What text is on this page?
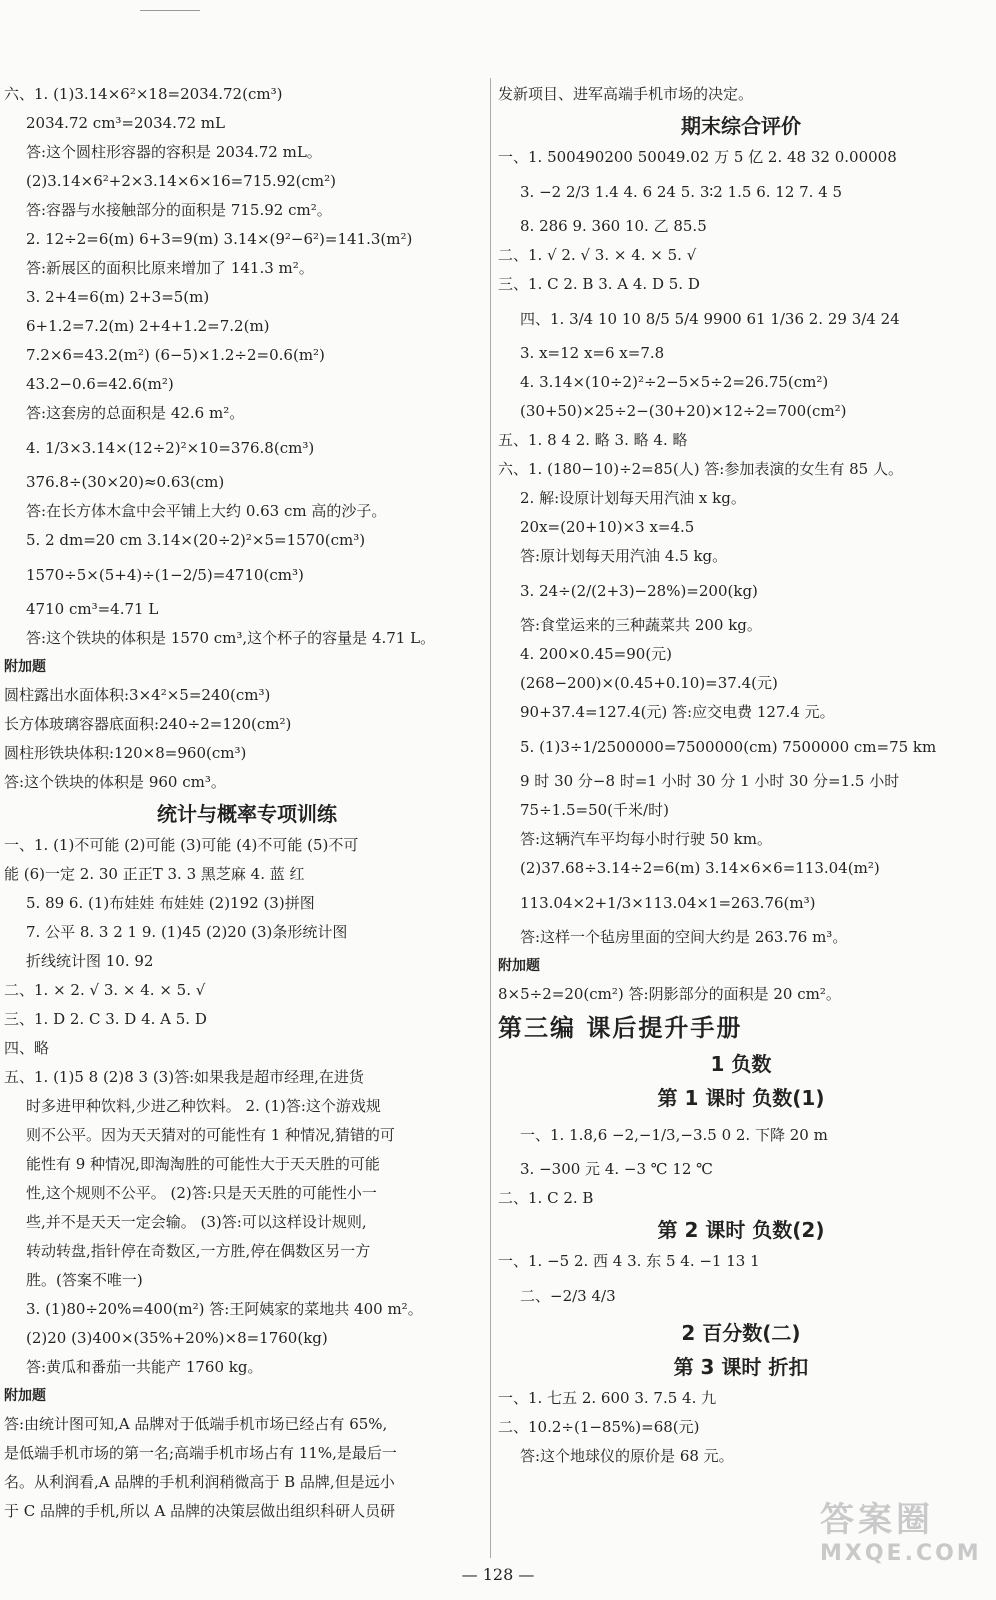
六、1. (1)3.14×6²×18=2034.72(cm³)
2034.72 cm³=2034.72 mL
答:这个圆柱形容器的容积是 2034.72 mL。
(2)3.14×6²+2×3.14×6×16=715.92(cm²)
答:容器与水接触部分的面积是 715.92 cm²。
2. 12÷2=6(m) 6+3=9(m) 3.14×(9²−6²)=141.3(m²)
答:新展区的面积比原来增加了 141.3 m²。
3. 2+4=6(m) 2+3=5(m)
6+1.2=7.2(m) 2+4+1.2=7.2(m)
7.2×6=43.2(m²) (6−5)×1.2÷2=0.6(m²)
43.2−0.6=42.6(m²)
答:这套房的总面积是 42.6 m²。
4. 1/3×3.14×(12÷2)²×10=376.8(cm³)
376.8÷(30×20)≈0.63(cm)
答:在长方体木盒中会平铺上大约 0.63 cm 高的沙子。
5. 2 dm=20 cm 3.14×(20÷2)²×5=1570(cm³)
1570÷5×(5+4)÷(1−2/5)=4710(cm³)
4710 cm³=4.71 L
答:这个铁块的体积是 1570 cm³,这个杯子的容量是 4.71 L。
附加题
圆柱露出水面体积:3×4²×5=240(cm³)
长方体玻璃容器底面积:240÷2=120(cm²)
圆柱形铁块体积:120×8=960(cm³)
答:这个铁块的体积是 960 cm³。
统计与概率专项训练
一、1. (1)不可能 (2)可能 (3)可能 (4)不可能 (5)不可
能 (6)一定 2. 30 正正T 3. 3 黑芝麻 4. 蓝 红
5. 89 6. (1)布娃娃 布娃娃 (2)192 (3)拼图
7. 公平 8. 3 2 1 9. (1)45 (2)20 (3)条形统计图
折线统计图 10. 92
二、1. × 2. √ 3. × 4. × 5. √
三、1. D 2. C 3. D 4. A 5. D
四、略
五、1. (1)5 8 (2)8 3 (3)答:如果我是超市经理,在进货
时多进甲种饮料,少进乙种饮料。 2. (1)答:这个游戏规
则不公平。因为天天猜对的可能性有 1 种情况,猜错的可
能性有 9 种情况,即淘淘胜的可能性大于天天胜的可能
性,这个规则不公平。 (2)答:只是天天胜的可能性小一
些,并不是天天一定会输。 (3)答:可以这样设计规则,
转动转盘,指针停在奇数区,一方胜,停在偶数区另一方
胜。(答案不唯一)
3. (1)80÷20%=400(m²) 答:王阿姨家的菜地共 400 m²。
(2)20 (3)400×(35%+20%)×8=1760(kg)
答:黄瓜和番茄一共能产 1760 kg。
附加题
答:由统计图可知,A 品牌对于低端手机市场已经占有 65%,
是低端手机市场的第一名;高端手机市场占有 11%,是最后一
名。从利润看,A 品牌的手机利润稍微高于 B 品牌,但是远小
于 C 品牌的手机,所以 A 品牌的决策层做出组织科研人员研
发新项目、进军高端手机市场的决定。
期末综合评价
一、1. 500490200 50049.02 万 5 亿 2. 48 32 0.00008
3. −2 2/3 1.4 4. 6 24 5. 3∶2 1.5 6. 12 7. 4 5
8. 286 9. 360 10. 乙 85.5
二、1. √ 2. √ 3. × 4. × 5. √
三、1. C 2. B 3. A 4. D 5. D
四、1. 3/4 10 10 8/5 5/4 9900 61 1/36 2. 29 3/4 24
3. x=12 x=6 x=7.8
4. 3.14×(10÷2)²÷2−5×5÷2=26.75(cm²)
(30+50)×25÷2−(30+20)×12÷2=700(cm²)
五、1. 8 4 2. 略 3. 略 4. 略
六、1. (180−10)÷2=85(人) 答:参加表演的女生有 85 人。
2. 解:设原计划每天用汽油 x kg。
20x=(20+10)×3 x=4.5
答:原计划每天用汽油 4.5 kg。
3. 24÷(2/(2+3)−28%)=200(kg)
答:食堂运来的三种蔬菜共 200 kg。
4. 200×0.45=90(元)
(268−200)×(0.45+0.10)=37.4(元)
90+37.4=127.4(元) 答:应交电费 127.4 元。
5. (1)3÷1/2500000=7500000(cm) 7500000 cm=75 km
9 时 30 分−8 时=1 小时 30 分 1 小时 30 分=1.5 小时
75÷1.5=50(千米/时)
答:这辆汽车平均每小时行驶 50 km。
(2)37.68÷3.14÷2=6(m) 3.14×6×6=113.04(m²)
113.04×2+1/3×113.04×1=263.76(m³)
答:这样一个毡房里面的空间大约是 263.76 m³。
附加题
8×5÷2=20(cm²) 答:阴影部分的面积是 20 cm²。
第三编 课后提升手册
1 负数
第 1 课时 负数(1)
一、1. 1.8,6 −2,−1/3,−3.5 0 2. 下降 20 m
3. −300 元 4. −3 ℃ 12 ℃
二、1. C 2. B
第 2 课时 负数(2)
一、1. −5 2. 西 4 3. 东 5 4. −1 13 1
二、−2/3 4/3
2 百分数(二)
第 3 课时 折扣
一、1. 七五 2. 600 3. 7.5 4. 九
二、10.2÷(1−85%)=68(元)
答:这个地球仪的原价是 68 元。
— 128 —
答案圈
MXQE.COM
